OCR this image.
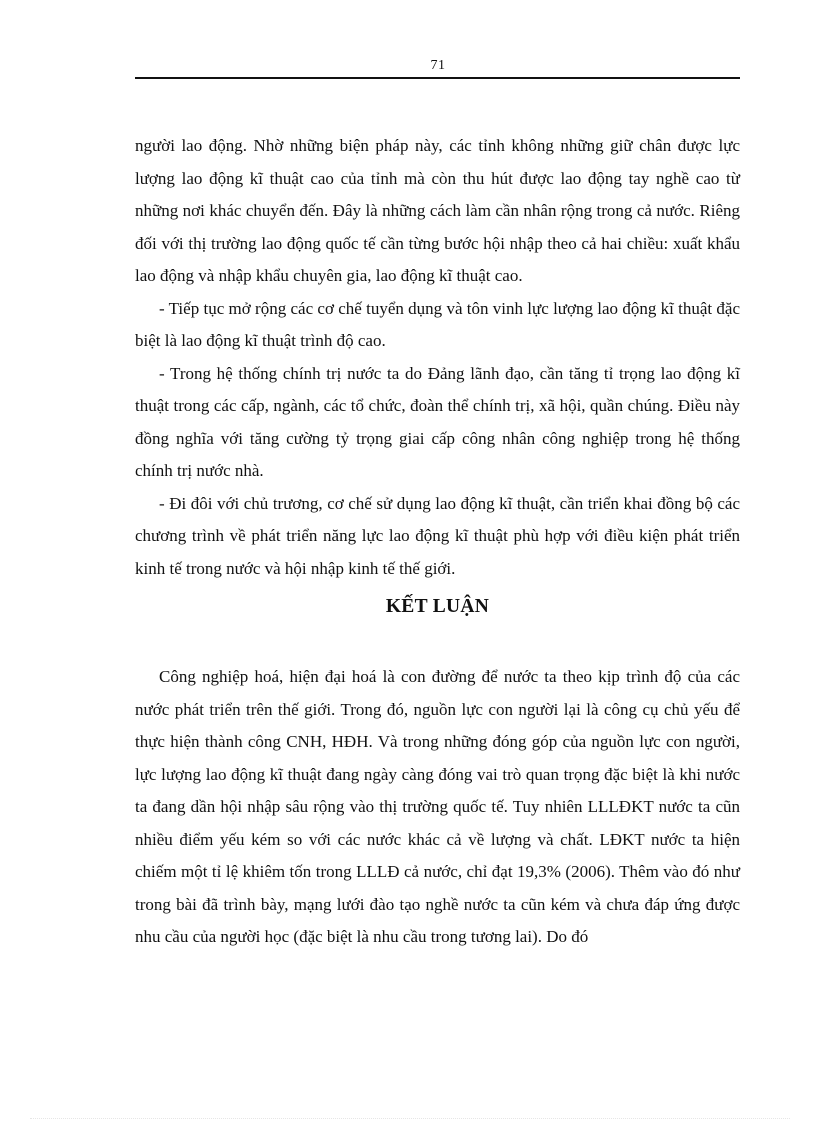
71

người lao động. Nhờ những biện pháp này, các tỉnh không những giữ chân được lực lượng lao động kĩ thuật cao của tỉnh mà còn thu hút được lao động tay nghề cao từ những nơi khác chuyển đến. Đây là những cách làm cần nhân rộng trong cả nước. Riêng đối với thị trường lao động quốc tế cần từng bước hội nhập theo cả hai chiều: xuất khẩu lao động và nhập khẩu chuyên gia, lao động kĩ thuật cao.

- Tiếp tục mở rộng các cơ chế tuyển dụng và tôn vinh lực lượng lao động kĩ thuật đặc biệt là lao động kĩ thuật trình độ cao.

- Trong hệ thống chính trị nước ta do Đảng lãnh đạo, cần tăng tỉ trọng lao động kĩ thuật trong các cấp, ngành, các tổ chức, đoàn thể chính trị, xã hội, quần chúng. Điều này đồng nghĩa với tăng cường tỷ trọng giai cấp công nhân công nghiệp trong hệ thống chính trị nước nhà.

- Đi đôi với chủ trương, cơ chế sử dụng lao động kĩ thuật, cần triển khai đồng bộ các chương trình về phát triển năng lực lao động kĩ thuật phù hợp với điều kiện phát triển kinh tế trong nước và hội nhập kinh tế thế giới.

KẾT LUẬN

Công nghiệp hoá, hiện đại hoá là con đường để nước ta theo kịp trình độ của các nước phát triển trên thế giới. Trong đó, nguồn lực con người lại là công cụ chủ yếu để thực hiện thành công CNH, HĐH. Và trong những đóng góp của nguồn lực con người, lực lượng lao động kĩ thuật đang ngày càng đóng vai trò quan trọng đặc biệt là khi nước ta đang dần hội nhập sâu rộng vào thị trường quốc tế. Tuy nhiên LLLĐKT nước ta cũn nhiều điểm yếu kém so với các nước khác cả về lượng và chất. LĐKT nước ta hiện chiếm một tỉ lệ khiêm tốn trong LLLĐ cả nước, chỉ đạt 19,3% (2006). Thêm vào đó như trong bài đã trình bày, mạng lưới đào tạo nghề nước ta cũn kém và chưa đáp ứng được nhu cầu của người học (đặc biệt là nhu cầu trong tương lai). Do đó
